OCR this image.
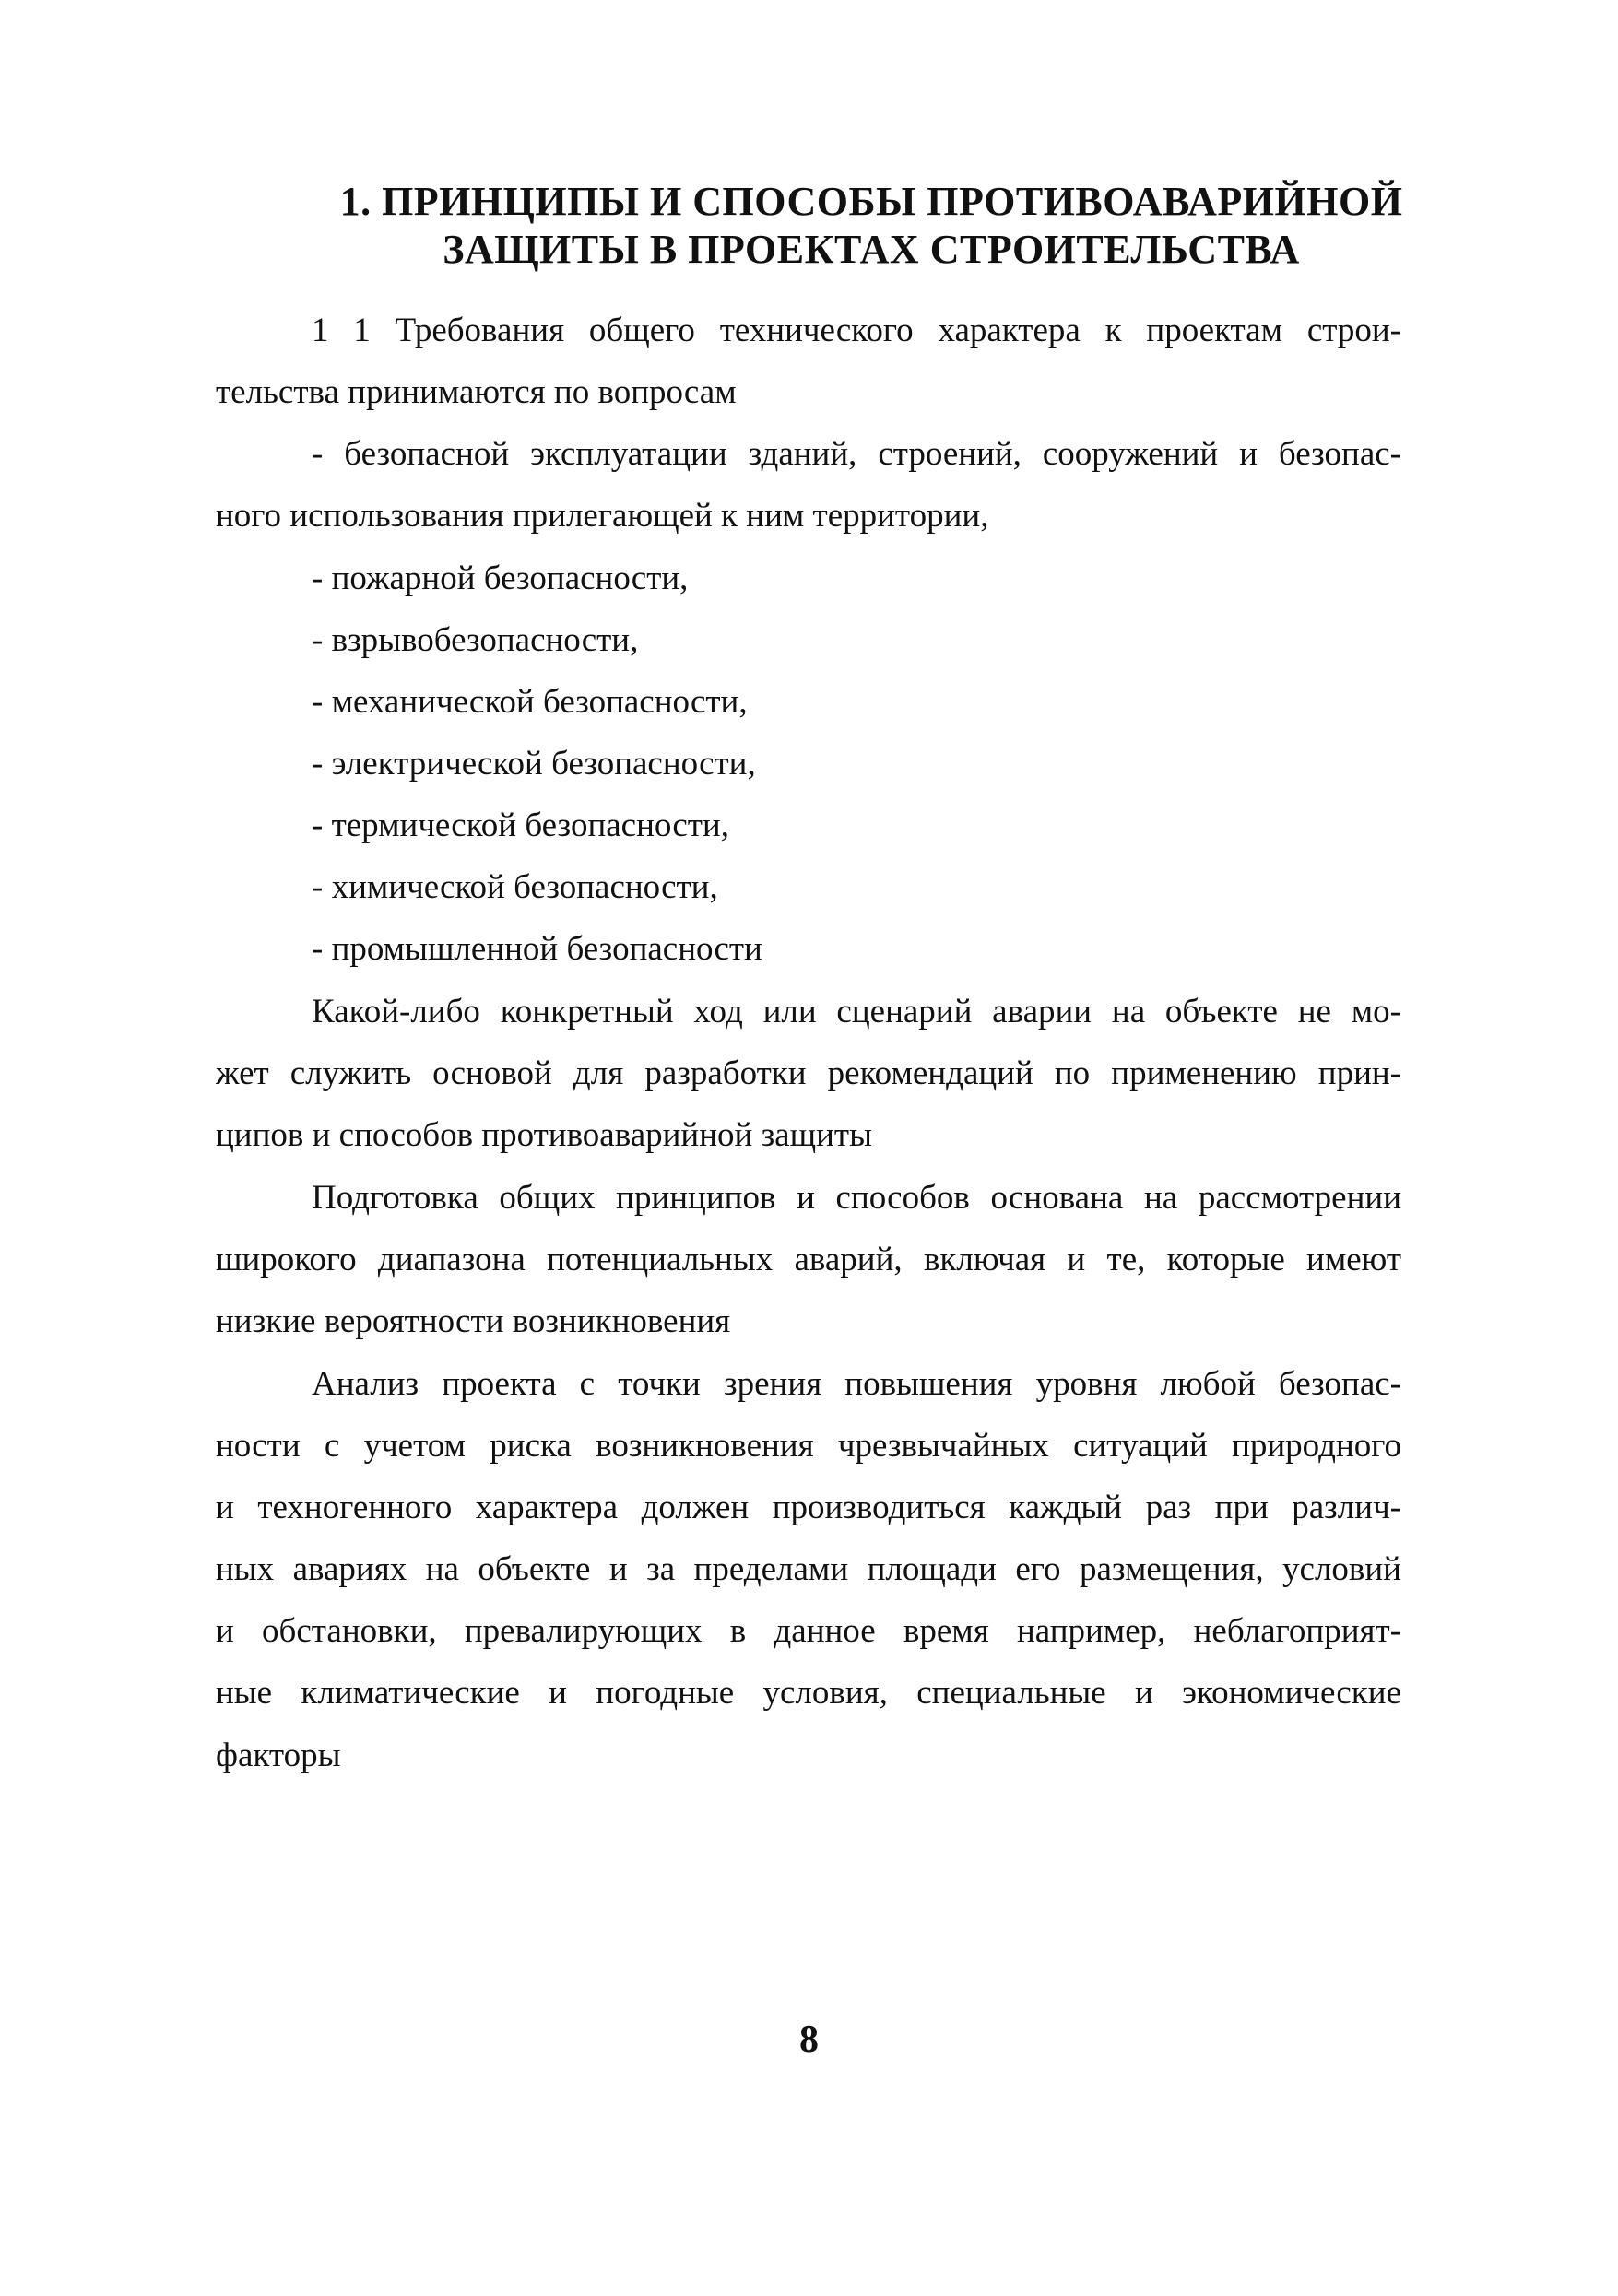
1. ПРИНЦИПЫ И СПОСОБЫ ПРОТИВОАВАРИЙНОЙ
ЗАЩИТЫ В ПРОЕКТАХ СТРОИТЕЛЬСТВА
1 1 Требования общего технического характера к проектам строи-
тельства принимаются по вопросам
- безопасной эксплуатации зданий, строений, сооружений и безопас-
ного использования прилегающей к ним территории,
- пожарной безопасности,
- взрывобезопасности,
- механической безопасности,
- электрической безопасности,
- термической безопасности,
- химической безопасности,
- промышленной безопасности
Какой-либо конкретный ход или сценарий аварии на объекте не мо-
жет служить основой для разработки рекомендаций по применению прин-
ципов и способов противоаварийной защиты
Подготовка общих принципов и способов основана на рассмотрении
широкого диапазона потенциальных аварий, включая и те, которые имеют
низкие вероятности возникновения
Анализ проекта с точки зрения повышения уровня любой безопас-
ности с учетом риска возникновения чрезвычайных ситуаций природного
и техногенного характера должен производиться каждый раз при различ-
ных авариях на объекте и за пределами площади его размещения, условий
и обстановки, превалирующих в данное время например, неблагоприят-
ные климатические и погодные условия, специальные и экономические
факторы
8
